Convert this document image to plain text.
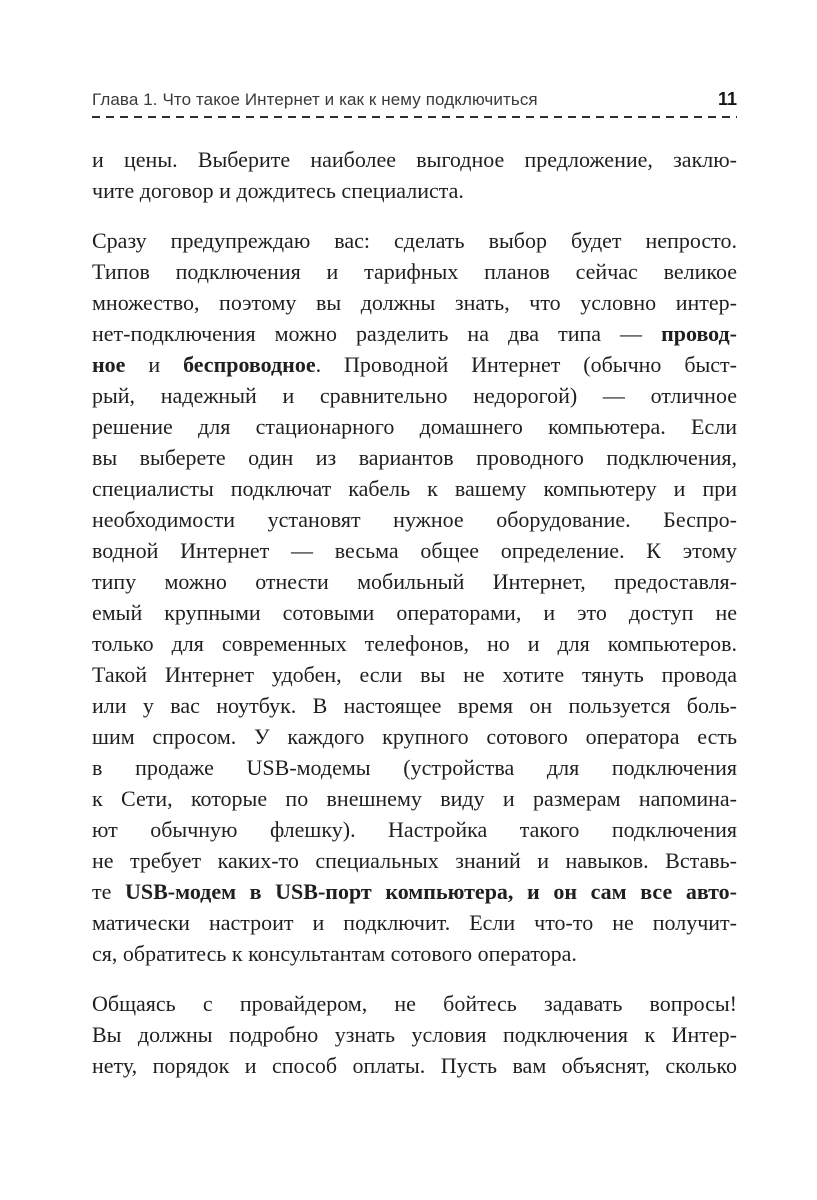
Глава 1. Что такое Интернет и как к нему подключиться	11
и цены. Выберите наиболее выгодное предложение, заклю-
чите договор и дождитесь специалиста.
Сразу предупреждаю вас: сделать выбор будет непросто.
Типов подключения и тарифных планов сейчас великое
множество, поэтому вы должны знать, что условно интер-
нет-подключения можно разделить на два типа — провод-
ное и беспроводное. Проводной Интернет (обычно быст-
рый, надежный и сравнительно недорогой) — отличное
решение для стационарного домашнего компьютера. Если
вы выберете один из вариантов проводного подключения,
специалисты подключат кабель к вашему компьютеру и при
необходимости установят нужное оборудование. Беспро-
водной Интернет — весьма общее определение. К этому
типу можно отнести мобильный Интернет, предоставля-
емый крупными сотовыми операторами, и это доступ не
только для современных телефонов, но и для компьютеров.
Такой Интернет удобен, если вы не хотите тянуть провода
или у вас ноутбук. В настоящее время он пользуется боль-
шим спросом. У каждого крупного сотового оператора есть
в продаже USB-модемы (устройства для подключения
к Сети, которые по внешнему виду и размерам напомина-
ют обычную флешку). Настройка такого подключения
не требует каких-то специальных знаний и навыков. Вставь-
те USB-модем в USB-порт компьютера, и он сам все авто-
матически настроит и подключит. Если что-то не получит-
ся, обратитесь к консультантам сотового оператора.
Общаясь с провайдером, не бойтесь задавать вопросы!
Вы должны подробно узнать условия подключения к Интер-
нету, порядок и способ оплаты. Пусть вам объяснят, сколько
